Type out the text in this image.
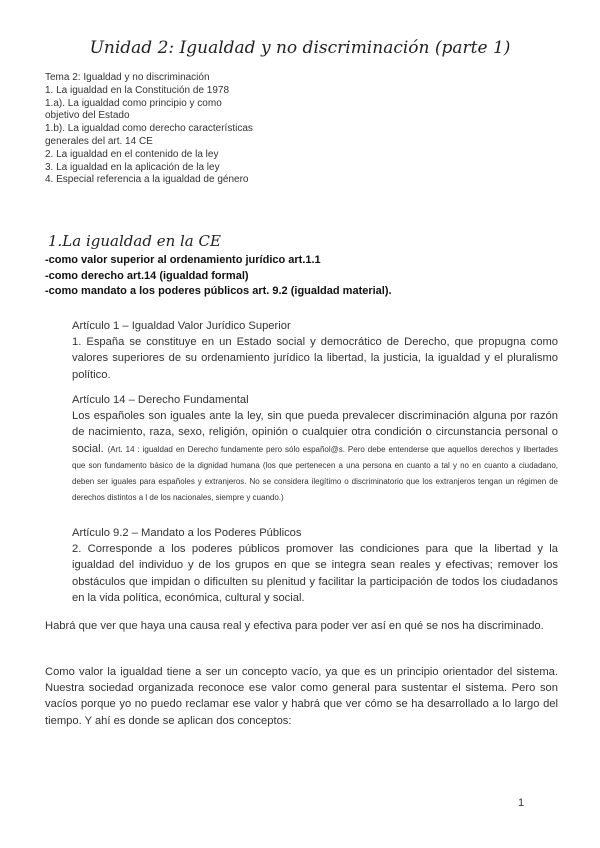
Unidad 2: Igualdad y no discriminación (parte 1)
Tema 2: Igualdad y no discriminación
1. La igualdad en la Constitución de 1978
1.a). La igualdad como principio y como objetivo del Estado
1.b). La igualdad como derecho características generales del art. 14 CE
2. La igualdad en el contenido de la ley
3. La igualdad en la aplicación de la ley
4. Especial referencia a la igualdad de género
1.La igualdad en la CE
-como valor superior al ordenamiento jurídico art.1.1
-como derecho art.14 (igualdad formal)
-como mandato a los poderes públicos art. 9.2 (igualdad material).

Artículo 1 – Igualdad Valor Jurídico Superior

1. España se constituye en un Estado social y democrático de Derecho, que propugna como valores superiores de su ordenamiento jurídico la libertad, la justicia, la igualdad y el pluralismo político.

Artículo 14 – Derecho Fundamental

Los españoles son iguales ante la ley, sin que pueda prevalecer discriminación alguna por razón de nacimiento, raza, sexo, religión, opinión o cualquier otra condición o circunstancia personal o social. (Art. 14 : igualdad en Derecho fundamente pero sólo español@s. Pero debe entenderse que aquellos derechos y libertades que son fundamento básico de la dignidad humana (los que pertenecen a una persona en cuanto a tal y no en cuanto a ciudadano, deben ser iguales para españoles y extranjeros. No se considera ilegítimo o discriminatorio que los extranjeros tengan un régimen de derechos distintos a l de los nacionales, siempre y cuando.)

Artículo 9.2 – Mandato a los Poderes Públicos

2. Corresponde a los poderes públicos promover las condiciones para que la libertad y la igualdad del individuo y de los grupos en que se integra sean reales y efectivas; remover los obstáculos que impidan o dificulten su plenitud y facilitar la participación de todos los ciudadanos en la vida política, económica, cultural y social.

Habrá que ver que haya una causa real y efectiva para poder ver así en qué se nos ha discriminado.

Como valor la igualdad tiene a ser un concepto vacío, ya que es un principio orientador del sistema. Nuestra sociedad organizada reconoce ese valor como general para sustentar el sistema. Pero son vacíos porque yo no puedo reclamar ese valor y habrá que ver cómo se ha desarrollado a lo largo del tiempo. Y ahí es donde se aplican dos conceptos:

1
